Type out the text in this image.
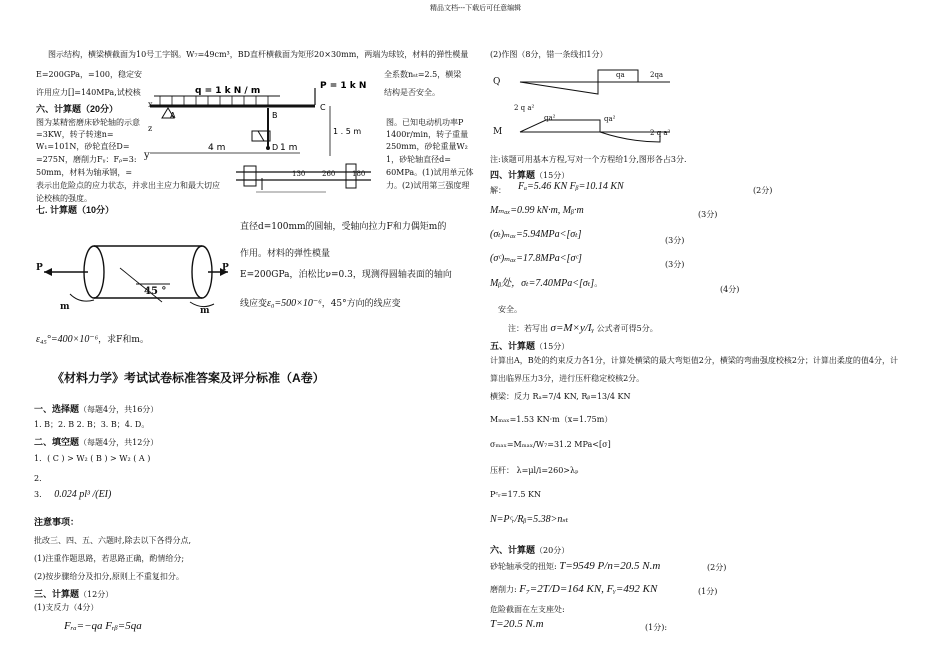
精品文档---下载后可任意编辑
图示结构，横梁横截面为10号工字钢。W₇=49cm³，BD直杆横截面为矩形20×30mm，两端为球铰，材料的弹性模量
E=200GPa，=100，稳定安	全系数nₛₜ=2.5，横梁
许用应力[]=140MPa,试校核	结构是否安全。
q = 1 k N / m	P = 1 k N
4 m	1 m
1 . 5 m
A	B
C
D
x
y
z
六、计算题（20分）
图为某精密磨床砂轮轴的示意
=3KW，转子转速n=
W₁=101N，砂轮直径D=
=275N，磨削力Fᵧ：Fᵨ=3:
50mm，材料为轴承钢，=
表示出危险点的应力状态，并求出主应力和最大切应
论校核的强度。
图。已知电动机功率P
1400r/min，转子重量
250mm，砂轮重量W₂
1，砂轮轴直径d=
60MPa。(1)试用单元体
力。(2)试用第三强度理
130 260 180
七. 计算题（10分）
直径d=100mm的圆轴，受轴向拉力F和力偶矩m的
作用。材料的弹性模量
E=200GPa，泊松比ν=0.3，现测得圆轴表面的轴向
线应变ε₀=500×10⁻⁶，45°方向的线应变
ε₄₅°=400×10⁻⁶，求F和m。
P	P
m	m
45 °
《材料力学》考试试卷标准答案及评分标准（A卷）
一、选择题（每题4分，共16分）
1. B；2. B 2. B；3. B；4. D。
二、填空题（每题4分，共12分）
1．( C ) > W₂ ( B ) > W₂ ( A )
2．
3. 0.024 pl³ /(EI)
注意事项：
批改三、四、五、六题时,除去以下各得分点,
(1)注重作题思路，若思路正确，酌情给分;
(2)按步骤给分及扣分,原则上不重复扣分。
三、计算题（12分）
(1)支反力（4分）
Fᵣₐ=−qa Fᵣᵦ=5qa
(2)作图（8分，错一条线扣1分）
Q
M
qa	2qa
2 q a²
qa²	qa²
2 q a²
注:该题可用基本方程,写对一个方程给1分,图形各占3分.
四、计算题（15分）
解： Fₐ=5.46 KN Fᵦ=10.14 KN	(2分)
Mₘₐₓ=0.99 kN·m, Mᵦ·m	(3分)
(σₜ)ₘₐₓ=5.94MPa<[σₜ]
(3分)
(σᶜ)ₘₐₓ=17.8MPa<[σᶜ]
(3分)
Mᵦ处，σₜ=7.40MPa<[σₜ]。
(4分)
安全。
注：若写出 σ=M×y/Iᵧ 公式者可得5分。
五、计算题（15分）
计算出A，B处的约束反力各1分，计算处横梁的最大弯矩值2分，横梁的弯曲强度校核2分；计算出柔度的值4分，计
算出临界压力3分，进行压杆稳定校核2分。
横梁：反力 Rₐ=7/4 KN, Rᵦ=13/4 KN
Mₘₐₓ=1.53 KN·m（x=1.75m）
σₘₐₓ=Mₘₐₓ/W₇=31.2 MPa<[σ]
压杆： λ=μl/i=260>λₚ
Pᶜᵣ=17.5 KN
N=Pᶜᵣ/Rᵦ=5.38>nₛₜ
六、计算题（20分）
砂轮轴承受的扭矩: T=9549 P/n=20.5 N.m	(2分)
磨削力: F₇=2T/D=164 KN, Fᵧ=492 KN	(1分)
危险截面在左支座处:
T=20.5 N.m	(1分):
